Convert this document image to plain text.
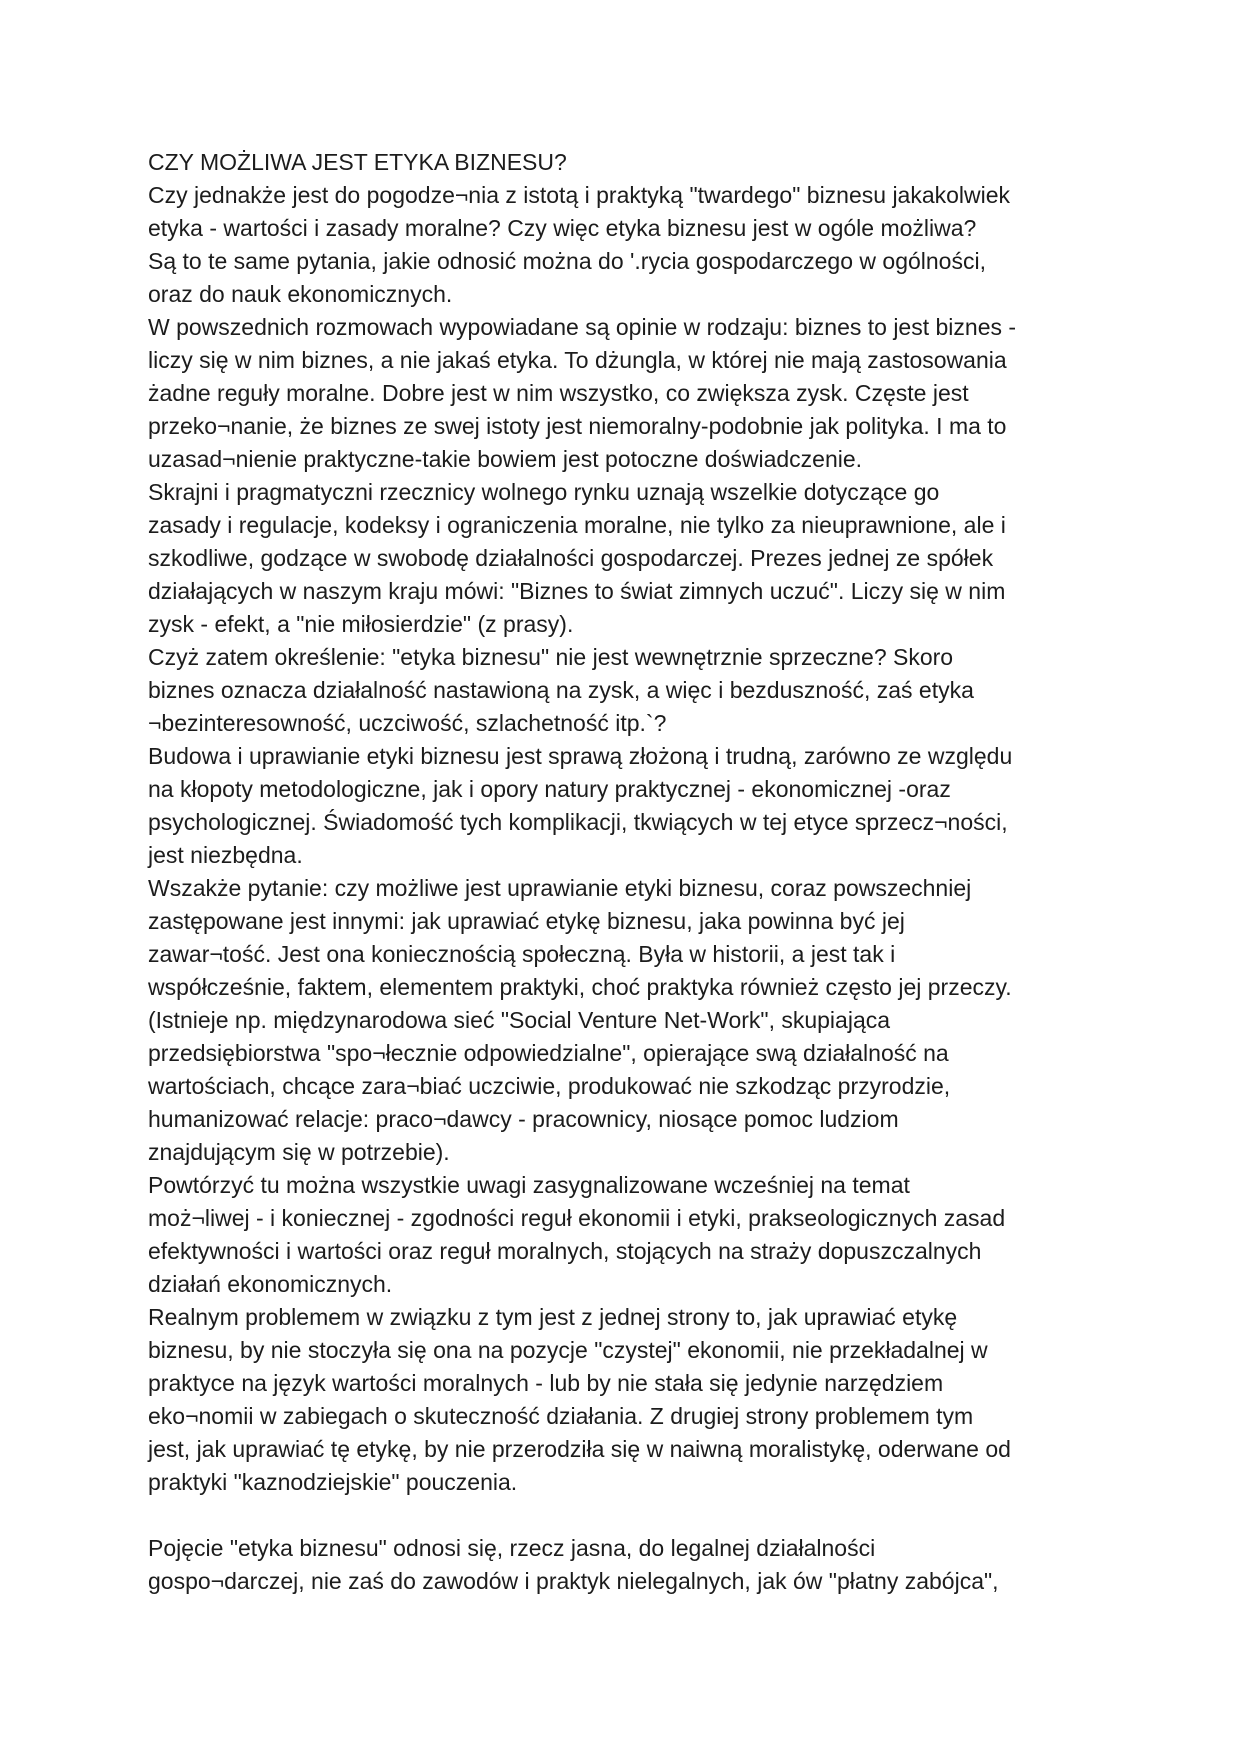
CZY MOŻLIWA JEST ETYKA BIZNESU?
Czy jednakże jest do pogodze¬nia z istotą i praktyką "twardego" biznesu jakakolwiek
etyka - wartości i zasady moralne? Czy więc etyka biznesu jest w ogóle możliwa?
Są to te same pytania, jakie odnosić można do '.rycia gospodarczego w ogólności,
oraz do nauk ekonomicznych.
W powszednich rozmowach wypowiadane są opinie w rodzaju: biznes to jest biznes -
liczy się w nim biznes, a nie jakaś etyka. To dżungla, w której nie mają zastosowania
żadne reguły moralne. Dobre jest w nim wszystko, co zwiększa zysk. Częste jest
przeko¬nanie, że biznes ze swej istoty jest niemoralny-podobnie jak polityka. I ma to
uzasad¬nienie praktyczne-takie bowiem jest potoczne doświadczenie.
Skrajni i pragmatyczni rzecznicy wolnego rynku uznają wszelkie dotyczące go
zasady i regulacje, kodeksy i ograniczenia moralne, nie tylko za nieuprawnione, ale i
szkodliwe, godzące w swobodę działalności gospodarczej. Prezes jednej ze spółek
działających w naszym kraju mówi: "Biznes to świat zimnych uczuć". Liczy się w nim
zysk - efekt, a "nie miłosierdzie" (z prasy).
Czyż zatem określenie: "etyka biznesu" nie jest wewnętrznie sprzeczne? Skoro
biznes oznacza działalność nastawioną na zysk, a więc i bezduszność, zaś etyka
¬bezinteresowność, uczciwość, szlachetność itp.`?
Budowa i uprawianie etyki biznesu jest sprawą złożoną i trudną, zarówno ze względu
na kłopoty metodologiczne, jak i opory natury praktycznej - ekonomicznej -oraz
psychologicznej. Świadomość tych komplikacji, tkwiących w tej etyce sprzecz¬ności,
jest niezbędna.
Wszakże pytanie: czy możliwe jest uprawianie etyki biznesu, coraz powszechniej
zastępowane jest innymi: jak uprawiać etykę biznesu, jaka powinna być jej
zawar¬tość. Jest ona koniecznością społeczną. Była w historii, a jest tak i
współcześnie, faktem, elementem praktyki, choć praktyka również często jej przeczy.
(Istnieje np. międzynarodowa sieć "Social Venture Net-Work", skupiająca
przedsiębiorstwa "spo¬łecznie odpowiedzialne", opierające swą działalność na
wartościach, chcące zara¬biać uczciwie, produkować nie szkodząc przyrodzie,
humanizować relacje: praco¬dawcy - pracownicy, niosące pomoc ludziom
znajdującym się w potrzebie).
Powtórzyć tu można wszystkie uwagi zasygnalizowane wcześniej na temat
moż¬liwej - i koniecznej - zgodności reguł ekonomii i etyki, prakseologicznych zasad
efektywności i wartości oraz reguł moralnych, stojących na straży dopuszczalnych
działań ekonomicznych.
Realnym problemem w związku z tym jest z jednej strony to, jak uprawiać etykę
biznesu, by nie stoczyła się ona na pozycje "czystej" ekonomii, nie przekładalnej w
praktyce na język wartości moralnych - lub by nie stała się jedynie narzędziem
eko¬nomii w zabiegach o skuteczność działania. Z drugiej strony problemem tym
jest, jak uprawiać tę etykę, by nie przerodziła się w naiwną moralistykę, oderwane od
praktyki "kaznodziejskie" pouczenia.
Pojęcie "etyka biznesu" odnosi się, rzecz jasna, do legalnej działalności
gospo¬darczej, nie zaś do zawodów i praktyk nielegalnych, jak ów "płatny zabójca",
